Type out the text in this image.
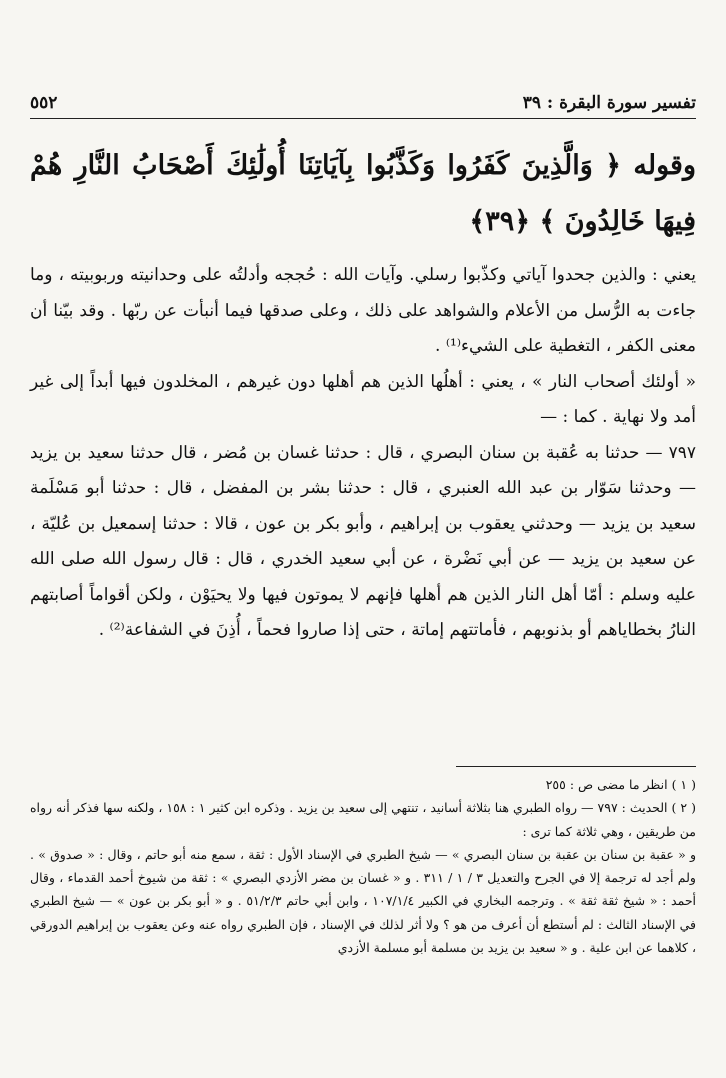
تفسير سورة البقرة : ٣٩
٥٥٢
وقوله ﴿ وَالَّذِينَ كَفَرُوا وَكَذَّبُوا بِآيَاتِنَا أُولَٰئِكَ أَصْحَابُ النَّارِ هُمْ فِيهَا خَالِدُونَ ﴾ ﴿٣٩﴾

يعني : والذين جحدوا آياتي وكذّبوا رسلي. وآيات الله : حُججه وأدلتُه على وحدانيته وربوبيته ، وما جاءت به الرُّسل من الأعلام والشواهد على ذلك ، وعلى صدقها فيما أنبأت عن ربّها . وقد بيّنا أن معنى الكفر ، التغطية على الشيء⁽¹⁾ .

« أولئك أصحاب النار » ، يعني : أهلُها الذين هم أهلها دون غيرهم ، المخلدون فيها أبداً إلى غير أمد ولا نهاية . كما : —

٧٩٧ — حدثنا به عُقبة بن سنان البصري ، قال : حدثنا غسان بن مُضر ، قال حدثنا سعيد بن يزيد — وحدثنا سَوّار بن عبد الله العنبري ، قال : حدثنا بشر بن المفضل ، قال : حدثنا أبو مَسْلَمة سعيد بن يزيد — وحدثني يعقوب بن إبراهيم ، وأبو بكر بن عون ، قالا : حدثنا إسمعيل بن عُليّة ، عن سعيد بن يزيد — عن أبي نَضْرة ، عن أبي سعيد الخدري ، قال : قال رسول الله صلى الله عليه وسلم : أمّا أهل النار الذين هم أهلها فإنهم لا يموتون فيها ولا يحيَوْن ، ولكن أقواماً أصابتهم النارُ بخطاياهم أو بذنوبهم ، فأماتتهم إماتة ، حتى إذا صاروا فحماً ، أُذِنَ في الشفاعة⁽²⁾ .

( ١ ) انظر ما مضى ص : ٢٥٥

( ٢ ) الحديث : ٧٩٧ — رواه الطبري هنا بثلاثة أسانيد ، تنتهي إلى سعيد بن يزيد . وذكره ابن كثير ١ : ١٥٨ ، ولكنه سها فذكر أنه رواه من طريقين ، وهي ثلاثة كما ترى :

و « عقبة بن سنان بن عقبة بن سنان البصري » — شيخ الطبري في الإسناد الأول : ثقة ، سمع منه أبو حاتم ، وقال : « صدوق » . ولم أجد له ترجمة إلا في الجرح والتعديل ٣ / ١ / ٣١١ . و « غسان بن مضر الأزدي البصري » : ثقة من شيوخ أحمد القدماء ، وقال أحمد : « شيخ ثقة ثقة » . وترجمه البخاري في الكبير ١٠٧/١/٤ ، وابن أبي حاتم ٥١/٢/٣ . و « أبو بكر بن عون » — شيخ الطبري في الإسناد الثالث : لم أستطع أن أعرف من هو ؟ ولا أثر لذلك في الإسناد ، فإن الطبري رواه عنه وعن يعقوب بن إبراهيم الدورقي ، كلاهما عن ابن علية . و « سعيد بن يزيد بن مسلمة أبو مسلمة الأزدي
